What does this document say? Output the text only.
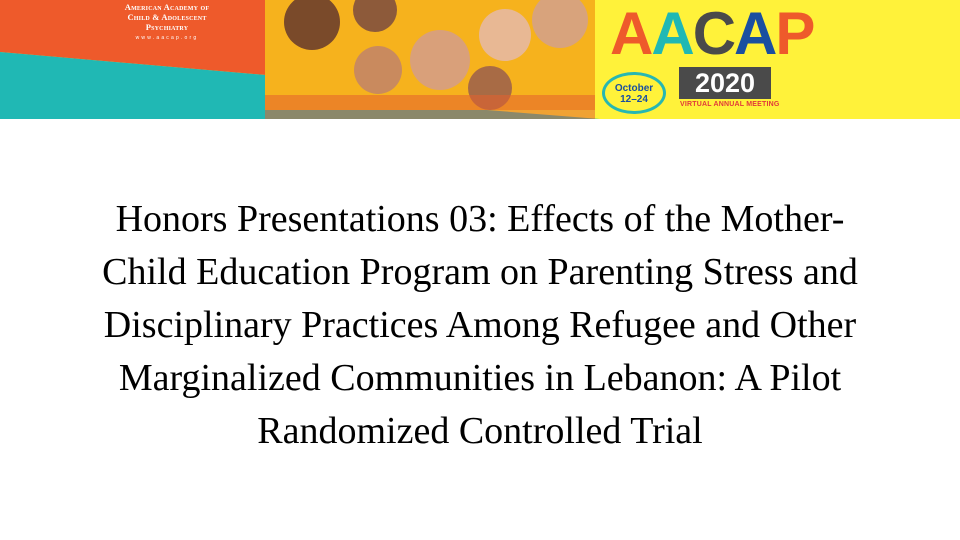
American Academy of
Child & Adolescent
Psychiatry
www.aacap.org	AACAP
October
12–24
2020
VIRTUAL ANNUAL MEETING
Honors Presentations 03: Effects of the Mother-
Child Education Program on Parenting Stress and
Disciplinary Practices Among Refugee and Other
Marginalized Communities in Lebanon: A Pilot
Randomized Controlled Trial
